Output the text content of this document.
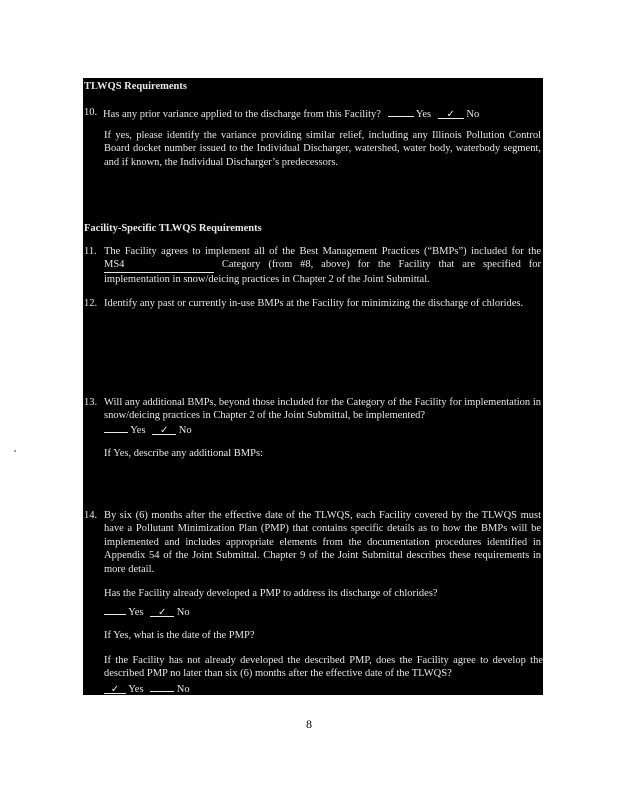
TLWQS Requirements
10. Has any prior variance applied to the discharge from this Facility?	Yes ✓ No
If yes, please identify the variance providing similar relief, including any Illinois Pollution Control Board docket number issued to the Individual Discharger, watershed, water body, waterbody segment, and if known, the Individual Discharger’s predecessors.
Facility-Specific TLWQS Requirements
11. The Facility agrees to implement all of the Best Management Practices (“BMPs”) included for the MS4	Category (from #8, above) for the Facility that are specified for implementation in snow/deicing practices in Chapter 2 of the Joint Submittal.
12. Identify any past or currently in-use BMPs at the Facility for minimizing the discharge of chlorides.
13. Will any additional BMPs, beyond those included for the Category of the Facility for implementation in snow/deicing practices in Chapter 2 of the Joint Submittal, be implemented?
Yes ✓ No
If Yes, describe any additional BMPs:
14. By six (6) months after the effective date of the TLWQS, each Facility covered by the TLWQS must have a Pollutant Minimization Plan (PMP) that contains specific details as to how the BMPs will be implemented and includes appropriate elements from the documentation procedures identified in Appendix 54 of the Joint Submittal. Chapter 9 of the Joint Submittal describes these requirements in more detail.
Has the Facility already developed a PMP to address its discharge of chlorides?
Yes ✓ No
If Yes, what is the date of the PMP?
If the Facility has not already developed the described PMP, does the Facility agree to develop the described PMP no later than six (6) months after the effective date of the TLWQS?
✓ Yes	No
8
